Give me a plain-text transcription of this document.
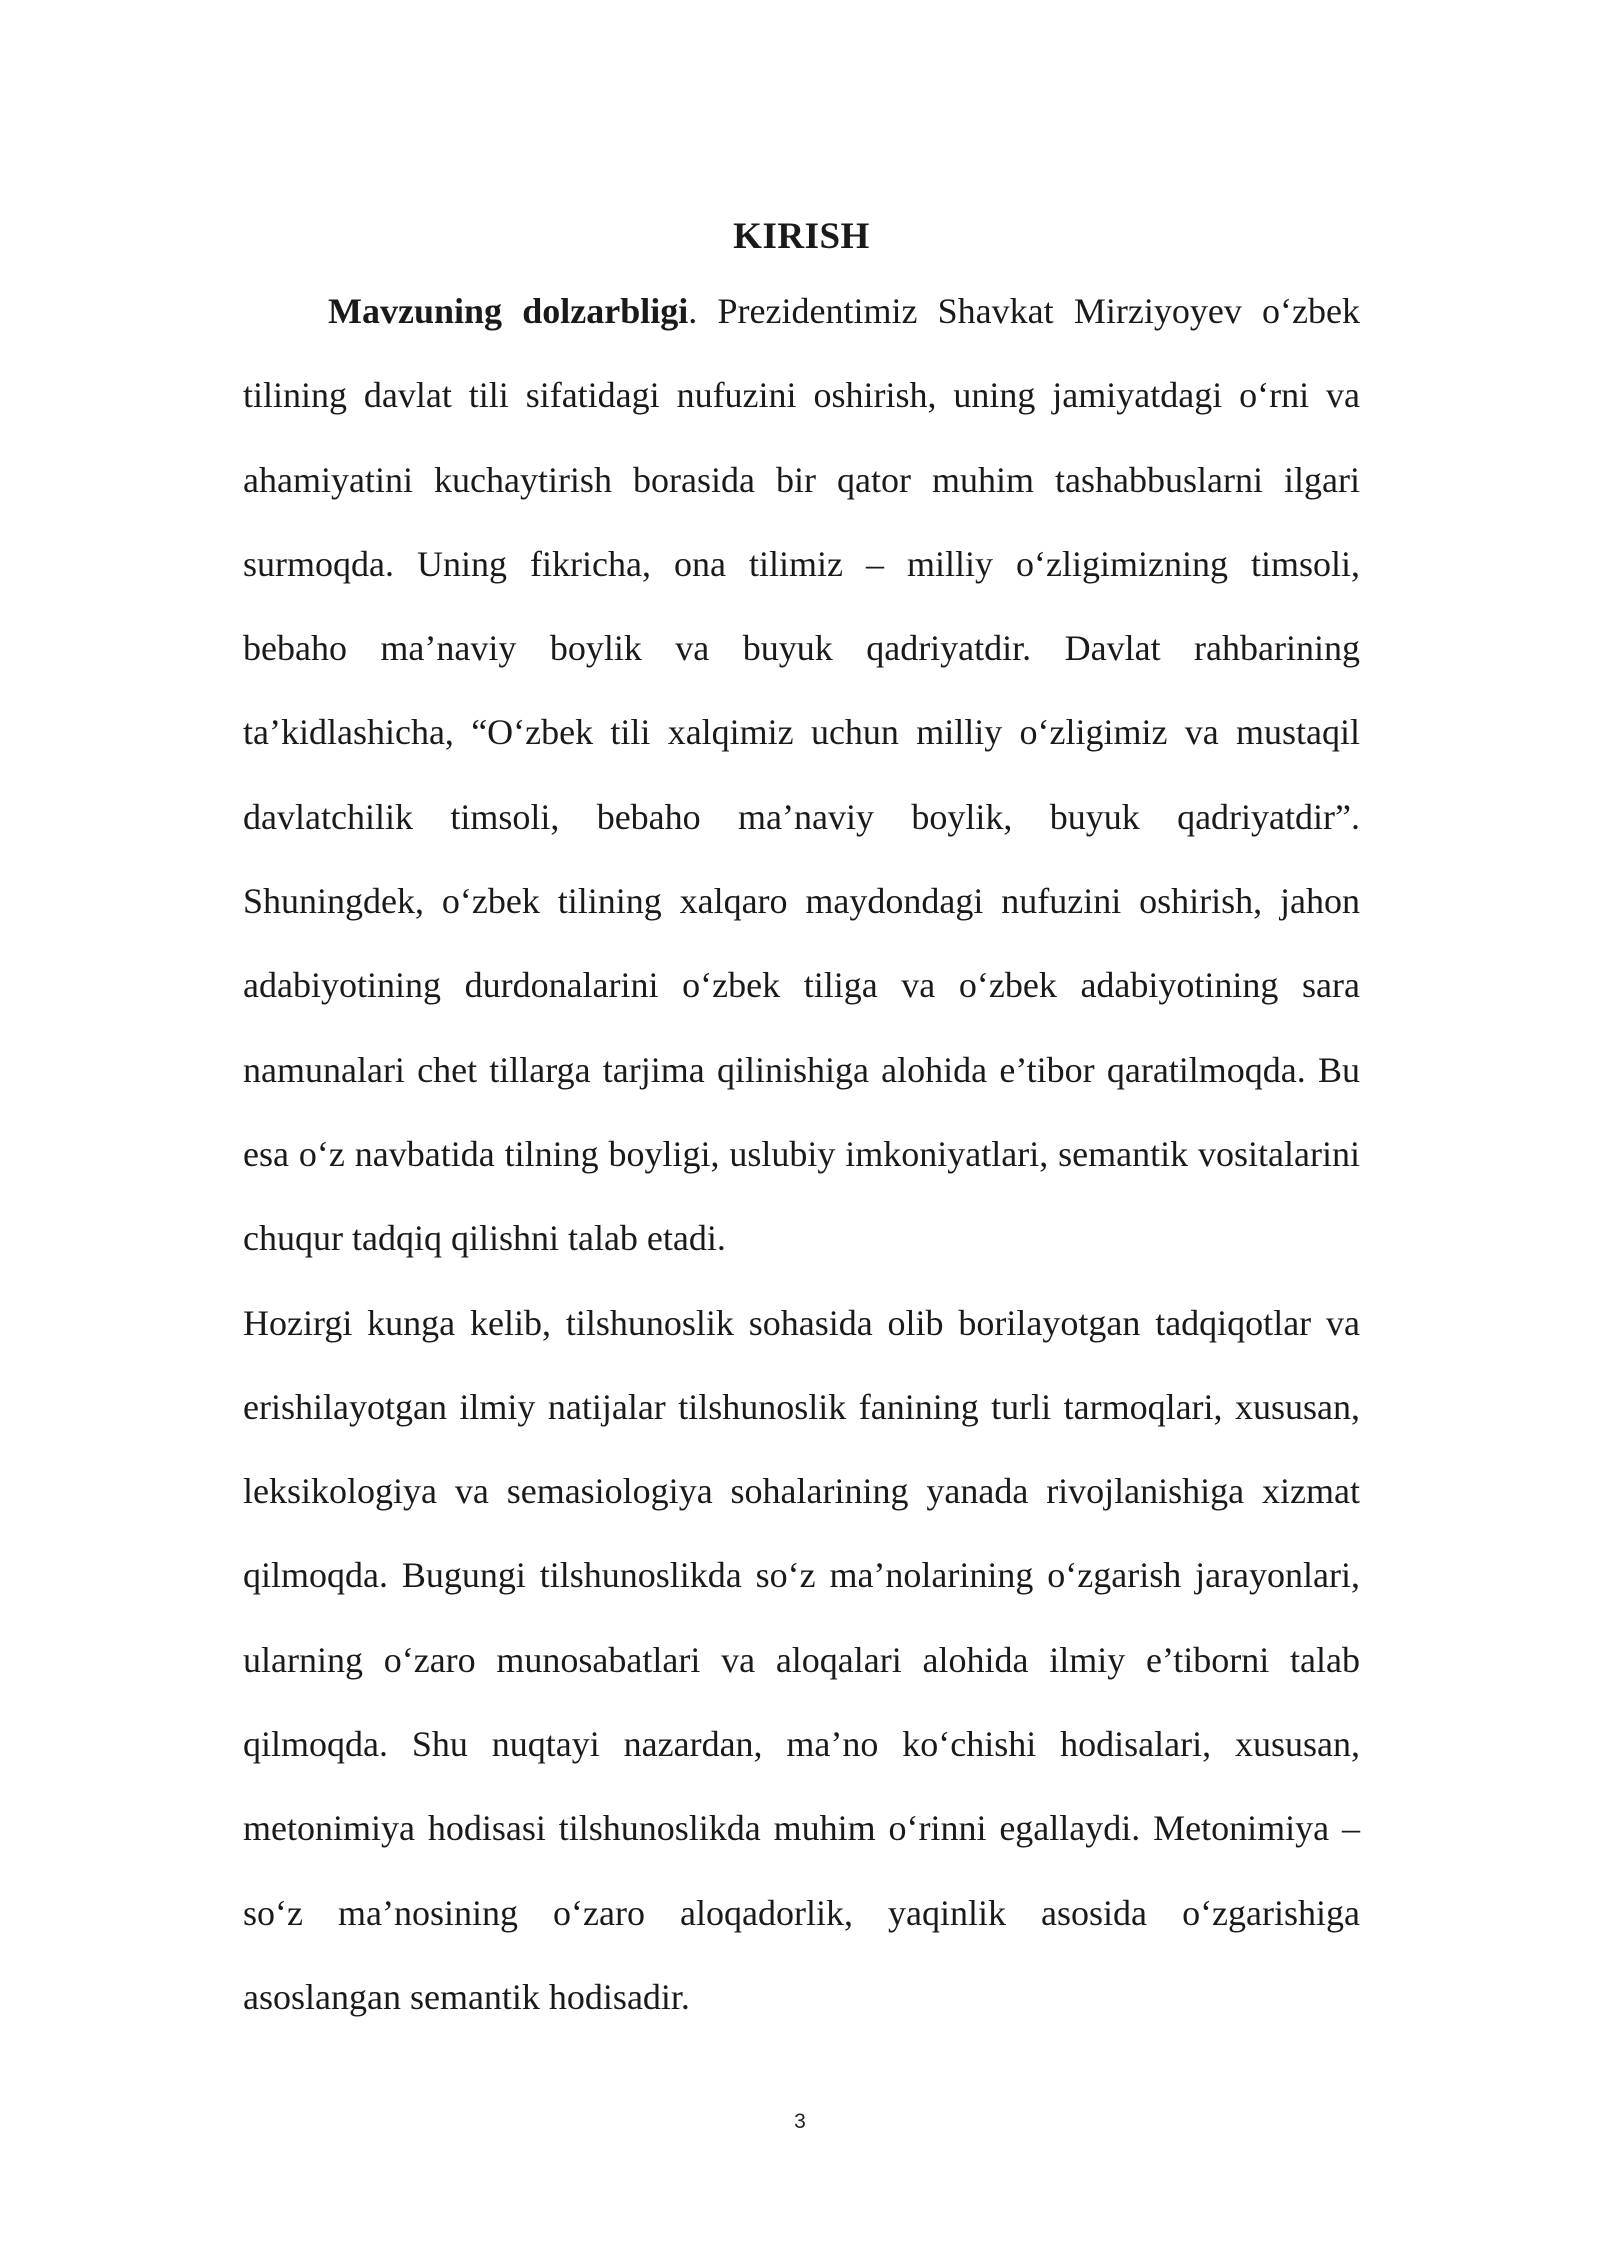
KIRISH

Mavzuning dolzarbligi. Prezidentimiz Shavkat Mirziyoyev o‘zbek tilining davlat tili sifatidagi nufuzini oshirish, uning jamiyatdagi o‘rni va ahamiyatini kuchaytirish borasida bir qator muhim tashabbuslarni ilgari surmoqda. Uning fikricha, ona tilimiz – milliy o‘zligimizning timsoli, bebaho ma’naviy boylik va buyuk qadriyatdir. Davlat rahbarining ta’kidlashicha, “O‘zbek tili xalqimiz uchun milliy o‘zligimiz va mustaqil davlatchilik timsoli, bebaho ma’naviy boylik, buyuk qadriyatdir”. Shuningdek, o‘zbek tilining xalqaro maydondagi nufuzini oshirish, jahon adabiyotining durdonalarini o‘zbek tiliga va o‘zbek adabiyotining sara namunalari chet tillarga tarjima qilinishiga alohida e’tibor qaratilmoqda. Bu esa o‘z navbatida tilning boyligi, uslubiy imkoniyatlari, semantik vositalarini chuqur tadqiq qilishni talab etadi.

Hozirgi kunga kelib, tilshunoslik sohasida olib borilayotgan tadqiqotlar va erishilayotgan ilmiy natijalar tilshunoslik fanining turli tarmoqlari, xususan, leksikologiya va semasiologiya sohalarining yanada rivojlanishiga xizmat qilmoqda. Bugungi tilshunoslikda so‘z ma’nolarining o‘zgarish jarayonlari, ularning o‘zaro munosabatlari va aloqalari alohida ilmiy e’tiborni talab qilmoqda. Shu nuqtayi nazardan, ma’no ko‘chishi hodisalari, xususan, metonimiya hodisasi tilshunoslikda muhim o‘rinni egallaydi. Metonimiya – so‘z ma’nosining o‘zaro aloqadorlik, yaqinlik asosida o‘zgarishiga asoslangan semantik hodisadir.

3
